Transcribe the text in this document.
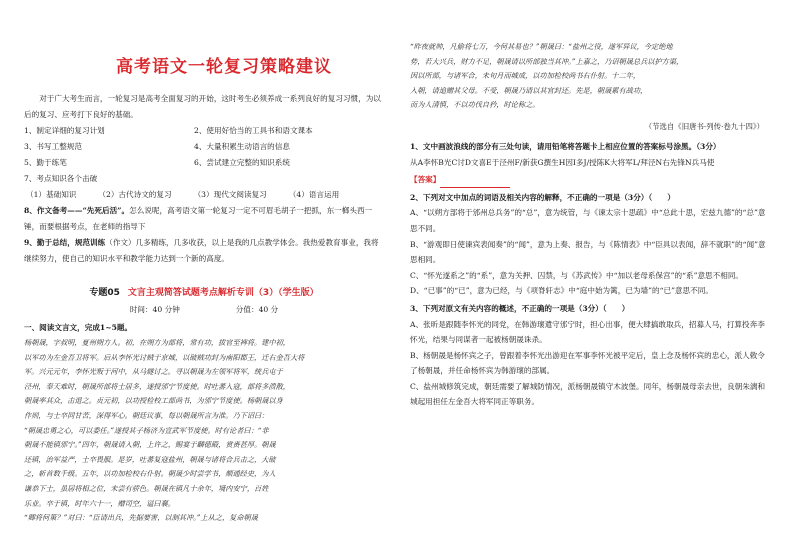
高考语文一轮复习策略建议

对于广大考生而言，一轮复习是高考全面复习的开始，这时考生必须养成一系列良好的复习习惯，为以后的复习、应考打下良好的基础。

1、制定详细的复习计划	2、使用好恰当的工具书和语文课本
3、书写工整规范	4、大量积累生动语言的信息
5、勤于练笔	6、尝试建立完整的知识系统

7、考点知识各个击破

（1）基础知识	（2）古代诗文的复习	（3）现代文阅读复习	（4）语言运用

8、作文备考——“先死后活”。怎么说呢，高考语文第一轮复习一定不可眉毛胡子一把抓，东一榔头西一锤，而要根据考点，在老师的指导下

9、勤于总结，规范训练（作文）几多精练，几多收获，以上是我的几点教学体会。我热爱教育事业，我将继续努力，使自己的知识水平和教学能力达到一个新的高度。

专题05 文言主观简答试题考点解析专训（3）（学生版）
时间：40 分钟	分值：40 分

一、阅读文言文，完成1~5题。

杨朝晟，字叔明，夏州朔方人。初，在朔方为部将，常有功，拔官至裨将。建中初，

以军功为左金吾卫将军。后从李怀光讨贼于京城，以破贼功封为南阳郡王，迁右金吾大将

军。兴元元年，李怀光叛于河中，从马燧讨之。寻以朝晟为左领军将军，统兵屯于

泾州，奉天难时，朝晟所部将士居多，遂授邠宁节度使。时吐蕃入寇，部将多溃散，

朝晟率其众，击退之。贞元初，以功授检校工部尚书，为邠宁节度使。杨朝晟以身

作则，与士卒同甘苦，深得军心。朝廷议事，每以朝晟所言为准。乃下诏曰：

“朝晟忠勇之心，可以委任。”遂授其子杨济为宣武军节度使。时有论者曰：“非

朝晟不能镇邠宁。”四年，朝晟请入朝，上许之，赐宴于麟德殿，赏赉甚厚。朝晟

还镇，治军益严，士卒畏服。是岁，吐蕃复寇盐州，朝晟与诸将合兵击之，大破

之，斩首数千级。五年，以功加检校右仆射。朝晟少时尝学书，颇通经史，为人

谦恭下士，虽居将相之位，未尝有骄色。朝晟在镇凡十余年，境内安宁，百姓

乐业。卒于镇，时年六十一，赠司空，谥曰襄。

“卿将何策？”对曰：“臣请出兵，先据要害，以制其冲。”上从之，复命朝晟

“昨夜就帅，凡偷将七万，今何其易也？”朝晟曰：“盐州之役，遂军异议，今定绝地

势，若大兴兵，财力不足，朝晟请以所部独当其冲。”上嘉之，乃诏朝晟总兵以护方渠，

因以所部，与诸军合，未旬月而城成，以功加检校尚书右仆射。十二年，

入朝，请追赠其父母。不受，朝晟乃请以其官封还。先是，朝晟累有战功，

而为人清慎，不以功伐自矜，时论称之。

（节选自《旧唐书·列传·卷九十四》）

1、文中画波浪线的部分有三处句读，请用铅笔将答题卡上相应位置的答案标号涂黑。（3分）

从A李怀B光C讨D文喜E于泾州F/新获G撰生H因I多J/授陈K大将军L/拜泾N右先锋N兵马使

【答案】

2、下列对文中加点的词语及相关内容的解释，不正确的一项是（3分）（　　）

A、“以朔方部将于邠州总兵务”的“总”，意为统管，与《谏太宗十思疏》中“总此十思，宏兹九德”的“总”意思不同。

B、“游观即日使谏宾表闻奏”的“闻”，意为上奏、报告，与《陈情表》中“臣具以表闻，辞不就职”的“闻”意思相同。

C、“怀光遂系之”的“系”，意为关押、囚禁，与《苏武传》中“加以老母系保宫”的“系”意思不相同。

D、“已事”的“已”，意为已经，与《项脊轩志》中“庭中始为篱，已为墙”的“已”意思不同。

3、下列对原文有关内容的概述，不正确的一项是（3分）（　　）

A、张昕是跟随李怀光的同党，在韩游瓌遣守邠宁时，担心出事，便大肆搞敢取兵，招募人马，打算投奔李怀光，结果与同谋者一起被杨朝晟诛杀。

B、杨朝晟是杨怀宾之子，曾跟着李怀光出游迎在军事李怀光被平定后，皇上念及杨怀宾的忠心，派人敕令了杨朝晟，并任命杨怀宾为韩游瓌的部属。

C、盐州城修筑完成，朝廷需要了解城防情况，派杨朝晟镇守木波堡。同年，杨朝晟母亲去世，良朝朱漓和城起用担任左金吾大将军同正等职务。
